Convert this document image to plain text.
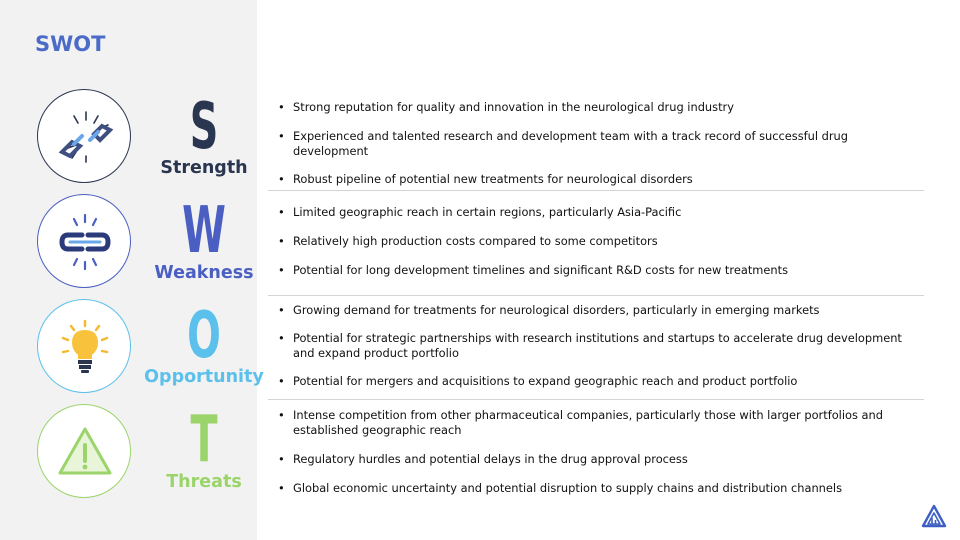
SWOT
S
Strength
• Strong reputation for quality and innovation in the neurological drug industry
• Experienced and talented research and development team with a track record of successful drug development
• Robust pipeline of potential new treatments for neurological disorders
W
Weakness
• Limited geographic reach in certain regions, particularly Asia-Pacific
• Relatively high production costs compared to some competitors
• Potential for long development timelines and significant R&D costs for new treatments
O
Opportunity
• Growing demand for treatments for neurological disorders, particularly in emerging markets
• Potential for strategic partnerships with research institutions and startups to accelerate drug development and expand product portfolio
• Potential for mergers and acquisitions to expand geographic reach and product portfolio
T
Threats
• Intense competition from other pharmaceutical companies, particularly those with larger portfolios and established geographic reach
• Regulatory hurdles and potential delays in the drug approval process
• Global economic uncertainty and potential disruption to supply chains and distribution channels
